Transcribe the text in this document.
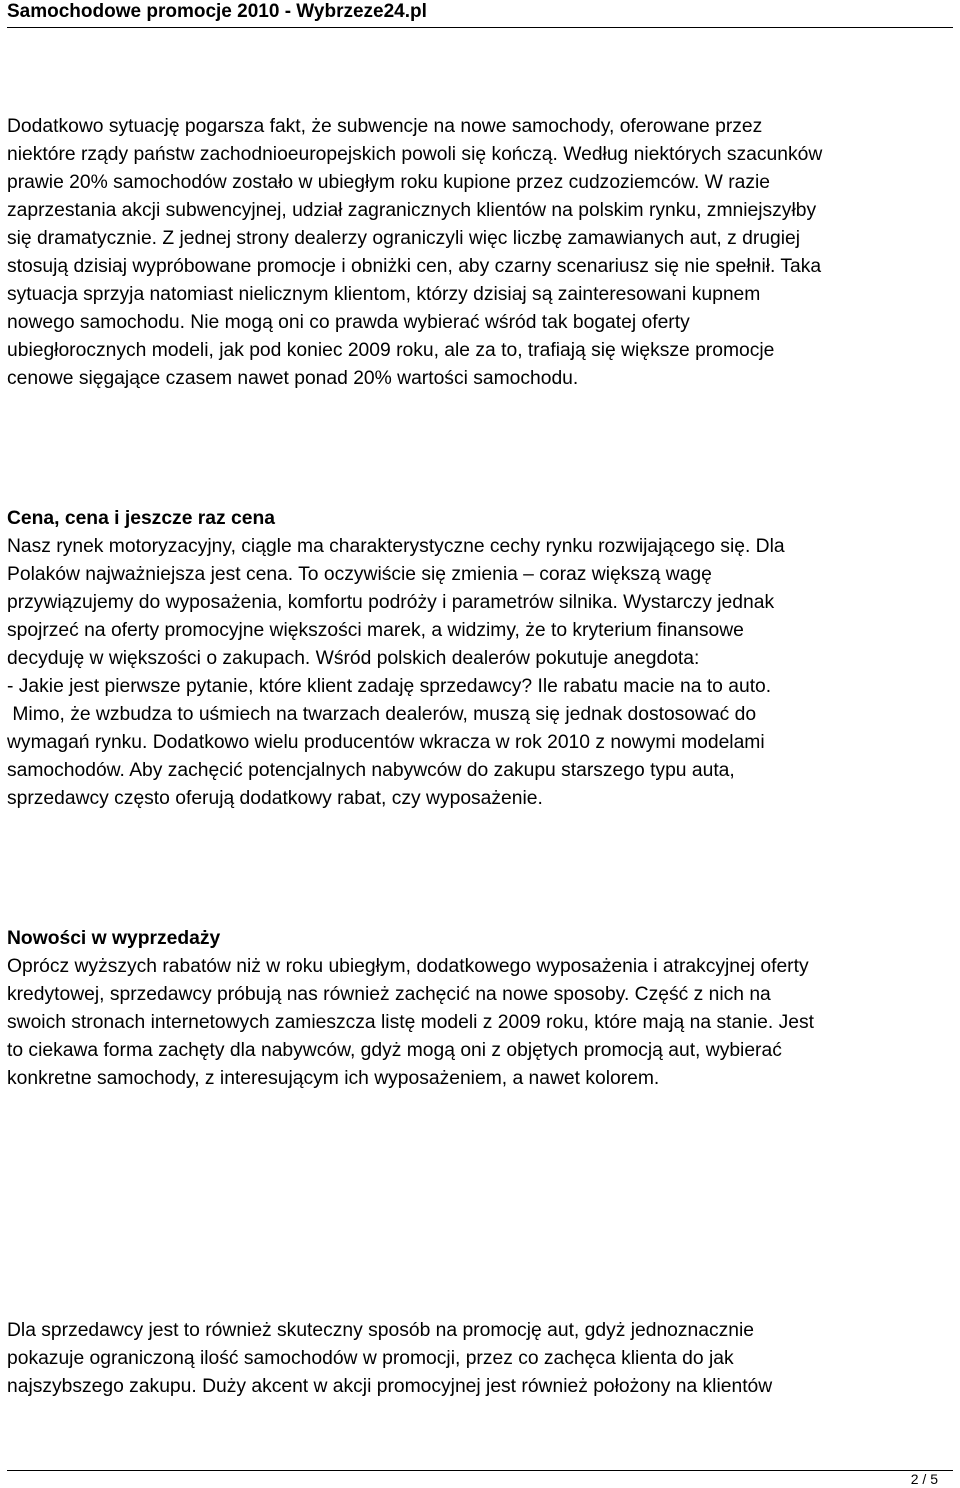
Samochodowe promocje 2010 - Wybrzeze24.pl
Dodatkowo sytuację pogarsza fakt, że subwencje na nowe samochody, oferowane przez
niektóre rządy państw zachodnioeuropejskich powoli się kończą. Według niektórych szacunków
prawie 20% samochodów zostało w ubiegłym roku kupione przez cudzoziemców. W razie
zaprzestania akcji subwencyjnej, udział zagranicznych klientów na polskim rynku, zmniejszyłby
się dramatycznie. Z jednej strony dealerzy ograniczyli więc liczbę zamawianych aut, z drugiej
stosują dzisiaj wypróbowane promocje i obniżki cen, aby czarny scenariusz się nie spełnił. Taka
sytuacja sprzyja natomiast nielicznym klientom, którzy dzisiaj są zainteresowani kupnem
nowego samochodu. Nie mogą oni co prawda wybierać wśród tak bogatej oferty
ubiegłorocznych modeli, jak pod koniec 2009 roku, ale za to, trafiają się większe promocje
cenowe sięgające czasem nawet ponad 20% wartości samochodu.
Cena, cena i jeszcze raz cena
Nasz rynek motoryzacyjny, ciągle ma charakterystyczne cechy rynku rozwijającego się. Dla
Polaków najważniejsza jest cena. To oczywiście się zmienia – coraz większą wagę
przywiązujemy do wyposażenia, komfortu podróży i parametrów silnika. Wystarczy jednak
spojrzeć na oferty promocyjne większości marek, a widzimy, że to kryterium finansowe
decyduję w większości o zakupach. Wśród polskich dealerów pokutuje anegdota:
- Jakie jest pierwsze pytanie, które klient zadaję sprzedawcy? Ile rabatu macie na to auto.
Mimo, że wzbudza to uśmiech na twarzach dealerów, muszą się jednak dostosować do
wymagań rynku. Dodatkowo wielu producentów wkracza w rok 2010 z nowymi modelami
samochodów. Aby zachęcić potencjalnych nabywców do zakupu starszego typu auta,
sprzedawcy często oferują dodatkowy rabat, czy wyposażenie.
Nowości w wyprzedaży
Oprócz wyższych rabatów niż w roku ubiegłym, dodatkowego wyposażenia i atrakcyjnej oferty
kredytowej, sprzedawcy próbują nas również zachęcić na nowe sposoby. Część z nich na
swoich stronach internetowych zamieszcza listę modeli z 2009 roku, które mają na stanie. Jest
to ciekawa forma zachęty dla nabywców, gdyż mogą oni z objętych promocją aut, wybierać
konkretne samochody, z interesującym ich wyposażeniem, a nawet kolorem.
Dla sprzedawcy jest to również skuteczny sposób na promocję aut, gdyż jednoznacznie
pokazuje ograniczoną ilość samochodów w promocji, przez co zachęca klienta do jak
najszybszego zakupu. Duży akcent w akcji promocyjnej jest również położony na klientów
2 / 5
